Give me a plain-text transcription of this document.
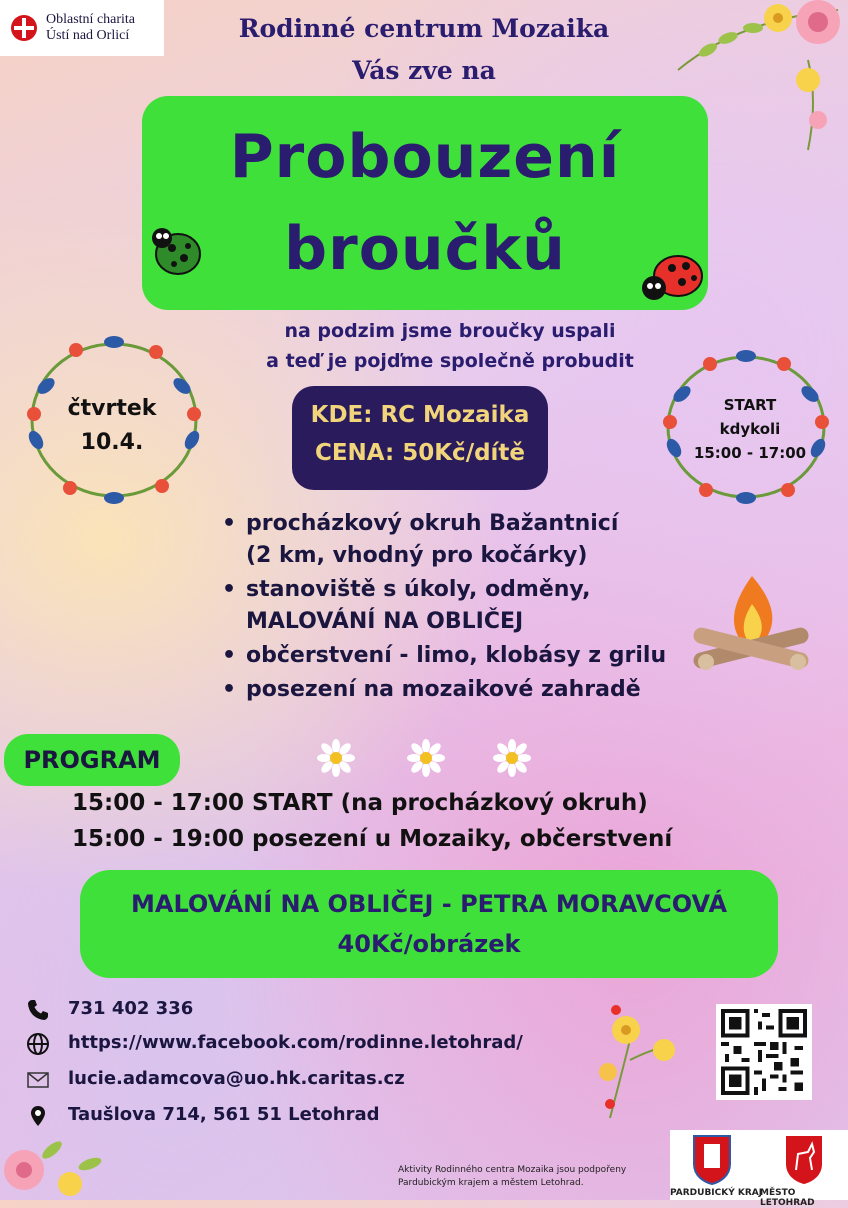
Oblastní charita
Ústí nad Orlicí	Rodinné centrum Mozaika
Vás zve na
Probouzení
broučků
na podzim jsme broučky uspali
a teď je pojďme společně probudit
čtvrtek
10.4.
START
kdykoli
15:00 - 17:00
KDE: RC Mozaika
CENA: 50Kč/dítě
• procházkový okruh Bažantnicí
(2 km, vhodný pro kočárky)
• stanoviště s úkoly, odměny,
MALOVÁNÍ NA OBLIČEJ
• občerstvení - limo, klobásy z grilu
• posezení na mozaikové zahradě
PROGRAM
15:00 - 17:00 START (na procházkový okruh)
15:00 - 19:00 posezení u Mozaiky, občerstvení
MALOVÁNÍ NA OBLIČEJ - PETRA MORAVCOVÁ
40Kč/obrázek
731 402 336
https://www.facebook.com/rodinne.letohrad/
lucie.adamcova@uo.hk.caritas.cz
Taušlova 714, 561 51 Letohrad
Aktivity Rodinného centra Mozaika jsou podpořeny Pardubickým krajem a městem Letohrad.
PARDUBICKÝ KRAJ
MĚSTO LETOHRAD
